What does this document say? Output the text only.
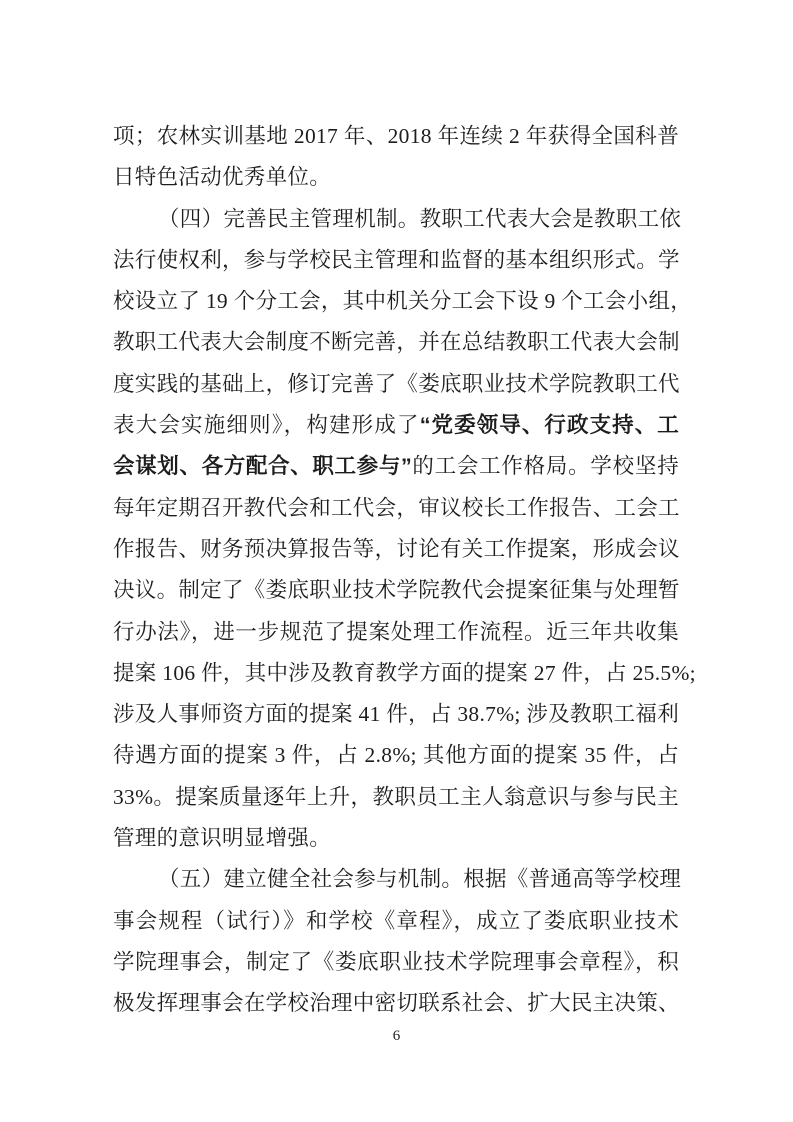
项；农林实训基地 2017 年、2018 年连续 2 年获得全国科普
日特色活动优秀单位。
（四）完善民主管理机制。教职工代表大会是教职工依
法行使权利，参与学校民主管理和监督的基本组织形式。学
校设立了 19 个分工会，其中机关分工会下设 9 个工会小组，
教职工代表大会制度不断完善，并在总结教职工代表大会制
度实践的基础上，修订完善了《娄底职业技术学院教职工代
表大会实施细则》，构建形成了“党委领导、行政支持、工
会谋划、各方配合、职工参与”的工会工作格局。学校坚持
每年定期召开教代会和工代会，审议校长工作报告、工会工
作报告、财务预决算报告等，讨论有关工作提案，形成会议
决议。制定了《娄底职业技术学院教代会提案征集与处理暂
行办法》，进一步规范了提案处理工作流程。近三年共收集
提案 106 件，其中涉及教育教学方面的提案 27 件，占 25.5%;
涉及人事师资方面的提案 41 件，占 38.7%; 涉及教职工福利
待遇方面的提案 3 件，占 2.8%; 其他方面的提案 35 件，占
33%。提案质量逐年上升，教职员工主人翁意识与参与民主
管理的意识明显增强。
（五）建立健全社会参与机制。根据《普通高等学校理
事会规程（试行）》和学校《章程》，成立了娄底职业技术
学院理事会，制定了《娄底职业技术学院理事会章程》，积
极发挥理事会在学校治理中密切联系社会、扩大民主决策、
6
